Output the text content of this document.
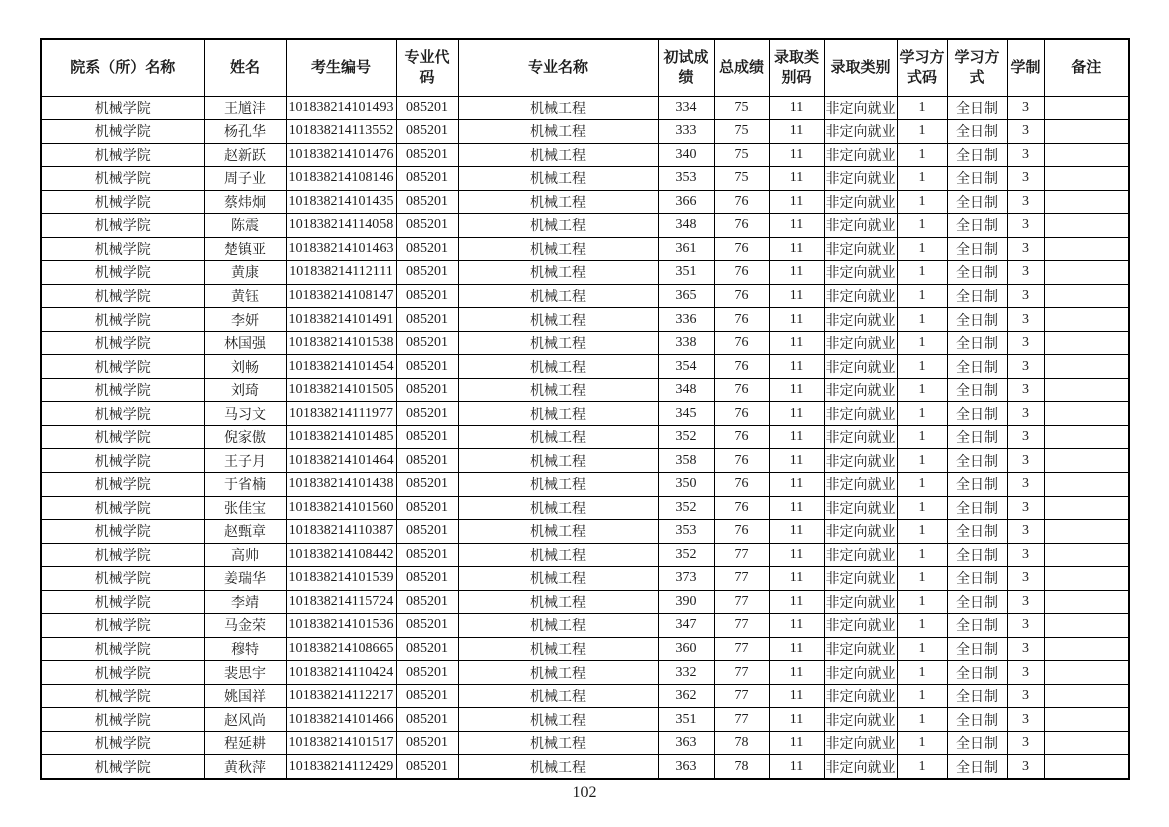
院系（所）名称	姓名	考生编号	专业代码	专业名称	初试成绩	总成绩	录取类别码	录取类别	学习方式码	学习方式	学制	备注
机械学院	王馗沣	101838214101493	085201	机械工程	334	75	11	非定向就业	1	全日制	3	
机械学院	杨孔华	101838214113552	085201	机械工程	333	75	11	非定向就业	1	全日制	3	
机械学院	赵新跃	101838214101476	085201	机械工程	340	75	11	非定向就业	1	全日制	3	
机械学院	周子业	101838214108146	085201	机械工程	353	75	11	非定向就业	1	全日制	3	
机械学院	蔡炜炯	101838214101435	085201	机械工程	366	76	11	非定向就业	1	全日制	3	
机械学院	陈震	101838214114058	085201	机械工程	348	76	11	非定向就业	1	全日制	3	
机械学院	楚镇亚	101838214101463	085201	机械工程	361	76	11	非定向就业	1	全日制	3	
机械学院	黄康	101838214112111	085201	机械工程	351	76	11	非定向就业	1	全日制	3	
机械学院	黄钰	101838214108147	085201	机械工程	365	76	11	非定向就业	1	全日制	3	
机械学院	李妍	101838214101491	085201	机械工程	336	76	11	非定向就业	1	全日制	3	
机械学院	林国强	101838214101538	085201	机械工程	338	76	11	非定向就业	1	全日制	3	
机械学院	刘畅	101838214101454	085201	机械工程	354	76	11	非定向就业	1	全日制	3	
机械学院	刘琦	101838214101505	085201	机械工程	348	76	11	非定向就业	1	全日制	3	
机械学院	马习文	101838214111977	085201	机械工程	345	76	11	非定向就业	1	全日制	3	
机械学院	倪家傲	101838214101485	085201	机械工程	352	76	11	非定向就业	1	全日制	3	
机械学院	王子月	101838214101464	085201	机械工程	358	76	11	非定向就业	1	全日制	3	
机械学院	于省楠	101838214101438	085201	机械工程	350	76	11	非定向就业	1	全日制	3	
机械学院	张佳宝	101838214101560	085201	机械工程	352	76	11	非定向就业	1	全日制	3	
机械学院	赵甄章	101838214110387	085201	机械工程	353	76	11	非定向就业	1	全日制	3	
机械学院	高帅	101838214108442	085201	机械工程	352	77	11	非定向就业	1	全日制	3	
机械学院	姜瑞华	101838214101539	085201	机械工程	373	77	11	非定向就业	1	全日制	3	
机械学院	李靖	101838214115724	085201	机械工程	390	77	11	非定向就业	1	全日制	3	
机械学院	马金荣	101838214101536	085201	机械工程	347	77	11	非定向就业	1	全日制	3	
机械学院	穆特	101838214108665	085201	机械工程	360	77	11	非定向就业	1	全日制	3	
机械学院	裴思宇	101838214110424	085201	机械工程	332	77	11	非定向就业	1	全日制	3	
机械学院	姚国祥	101838214112217	085201	机械工程	362	77	11	非定向就业	1	全日制	3	
机械学院	赵风尚	101838214101466	085201	机械工程	351	77	11	非定向就业	1	全日制	3	
机械学院	程延耕	101838214101517	085201	机械工程	363	78	11	非定向就业	1	全日制	3	
机械学院	黄秋萍	101838214112429	085201	机械工程	363	78	11	非定向就业	1	全日制	3	
102
